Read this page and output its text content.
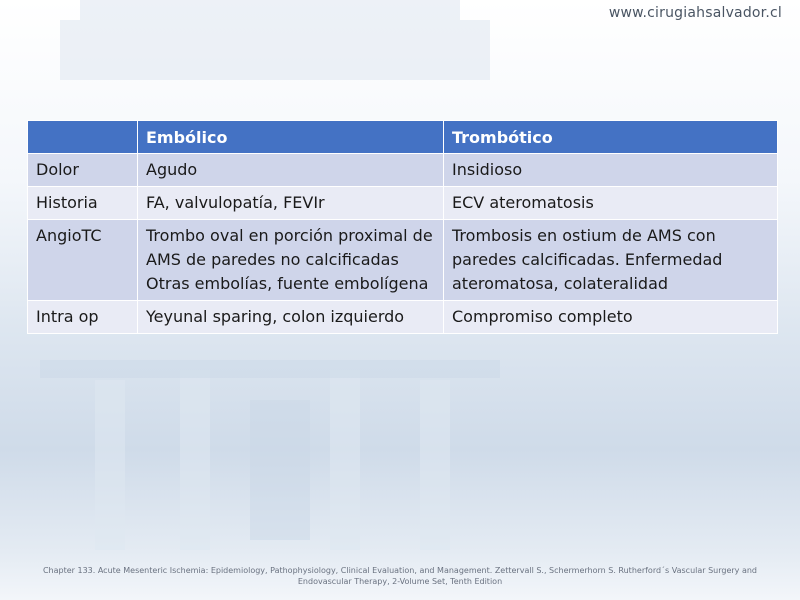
www.cirugiahsalvador.cl
	Embólico	Trombótico
Dolor	Agudo	Insidioso
Historia	FA, valvulopatía, FEVIr	ECV ateromatosis
AngioTC	Trombo oval en porción proximal de AMS de paredes no calcificadas Otras embolías, fuente embolígena	Trombosis en ostium de AMS con paredes calcificadas. Enfermedad ateromatosa, colateralidad
Intra op	Yeyunal sparing, colon izquierdo	Compromiso completo
Chapter 133. Acute Mesenteric Ischemia: Epidemiology, Pathophysiology, Clinical Evaluation, and Management. Zettervall S., Schermerhorn S. Rutherford´s Vascular Surgery and Endovascular Therapy, 2-Volume Set, Tenth Edition
